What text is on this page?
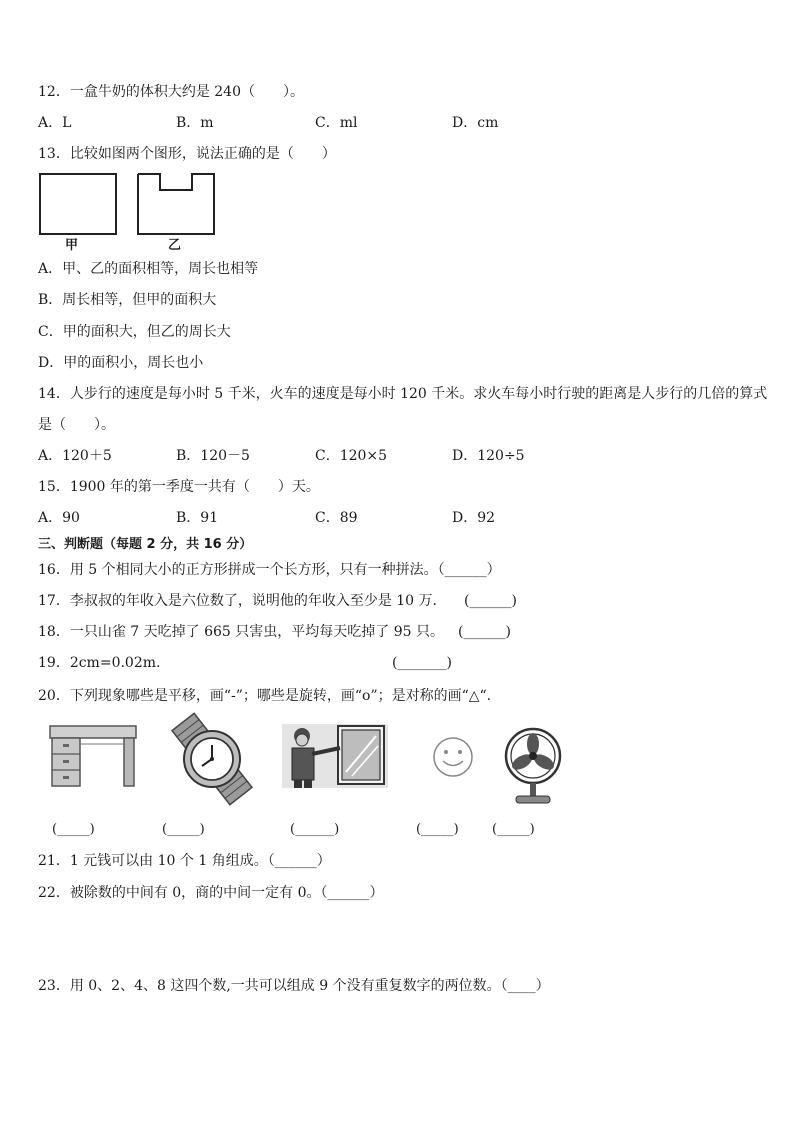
12．一盒牛奶的体积大约是 240（　　）。
A．L	B．m	C．ml	D．cm
13．比较如图两个图形，说法正确的是（　　）
甲	乙
A．甲、乙的面积相等，周长也相等
B．周长相等，但甲的面积大
C．甲的面积大，但乙的周长大
D．甲的面积小，周长也小
14．人步行的速度是每小时 5 千米，火车的速度是每小时 120 千米。求火车每小时行驶的距离是人步行的几倍的算式
是（　　）。
A．120＋5	B．120－5	C．120×5	D．120÷5
15．1900 年的第一季度一共有（　　）天。
A．90	B．91	C．89	D．92
三、判断题（每题 2 分，共 16 分）
16．用 5 个相同大小的正方形拼成一个长方形，只有一种拼法。（______）
17．李叔叔的年收入是六位数了，说明他的年收入至少是 10 万． (______)
18．一只山雀 7 天吃掉了 665 只害虫，平均每天吃掉了 95 只。 (______)
19．2cm=0.02m.	(_______)
20．下列现象哪些是平移，画“-”；哪些是旋转，画“o”；是对称的画“△“.
(_____)	(_____)	(______)	(_____)	(_____)
21．1 元钱可以由 10 个 1 角组成。（______）
22．被除数的中间有 0，商的中间一定有 0。（______）
23．用 0、2、4、8 这四个数,一共可以组成 9 个没有重复数字的两位数。（____）
